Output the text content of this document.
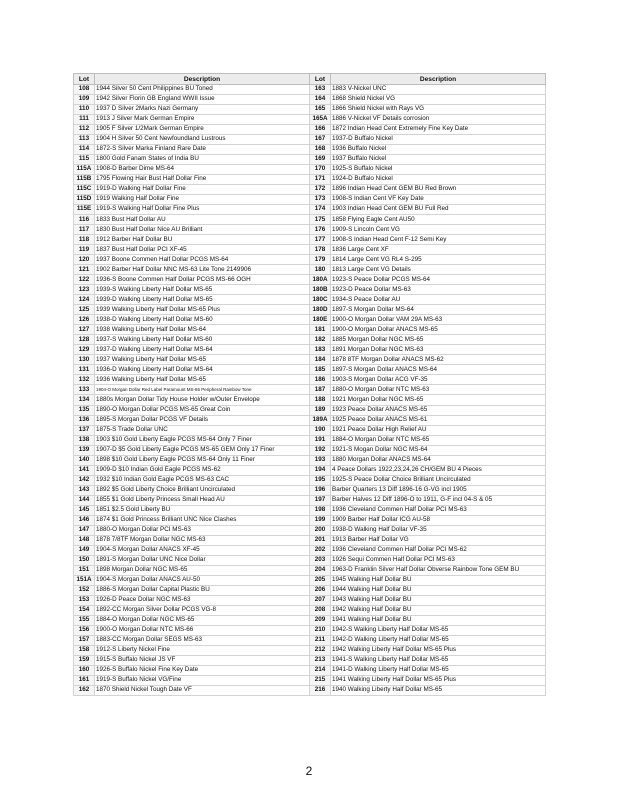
Lot	Description	Lot	Description
108	1944 Silver 50 Cent Philippines BU Toned	163	1883 V-Nickel UNC
109	1942 Silver Florin GB England WWII Issue	164	1868 Shield Nickel VG
110	1937 D Silver 2Marks Nazi Germany	165	1866 Shield Nickel with Rays VG
111	1913 J Silver Mark German Empire	165A	1886 V-Nickel VF Details corrosion
112	1905 F Silver 1/2Mark German Empire	166	1872 Indian Head Cent Extremely Fine Key Date
113	1904 H Silver 50 Cent Newfoundland Lustrous	167	1937-D Buffalo Nickel
114	1872-S Silver Marka Finland Rare Date	168	1936 Buffalo Nickel
115	1800 Gold Fanam States of India BU	169	1937 Buffalo Nickel
115A	1908-D Barber Dime MS-64	170	1925-S Buffalo Nickel
115B	1795 Flowing Hair Bust Half Dollar Fine	171	1924-D Buffalo Nickel
115C	1919-D Walking Half Dollar Fine	172	1896 Indian Head Cent GEM BU Red Brown
115D	1919 Walking Half Dollar Fine	173	1908-S Indian Cent VF Key Date
115E	1919-S Walking Half Dollar Fine Plus	174	1903 Indian Head Cent GEM BU Full Red
116	1833 Bust Half Dollar AU	175	1858 Flying Eagle Cent AU50
117	1830 Bust Half Dollar Nice AU Brilliant	176	1909-S Lincoln Cent VG
118	1912 Barber Half Dollar BU	177	1908-S Indian Head Cent F-12 Semi Key
119	1837 Bust Half Dollar PCI XF-45	178	1836 Large Cent XF
120	1937 Boone Commen Half Dollar PCGS MS-64	179	1814 Large Cent VG RL4 S-295
121	1902 Barber Half Dollar NNC MS-63 Lite Tone 2149906	180	1813 Large Cent VG Details
122	1936-S Boone Commen Half Dollar PCGS MS-66 OGH	180A	1923-S Peace Dollar PCGS MS-64
123	1939-S Walking Liberty Half Dollar MS-65	180B	1923-D Peace Dollar MS-63
124	1939-D Walking Liberty Half Dollar MS-65	180C	1934-S Peace Dollar AU
125	1939 Walking Liberty Half Dollar MS-65 Plus	180D	1897-S Morgan Dollar MS-64
126	1938-D Walking Liberty Half Dollar MS-60	180E	1900-O Morgan Dollar VAM 29A MS-63
127	1938 Walking Liberty Half Dollar MS-64	181	1900-O Morgan Dollar ANACS MS-65
128	1937-S Walking Liberty Half Dollar MS-60	182	1885 Morgan Dollar NGC MS-65
129	1937-D Walking Liberty Half Dollar MS-64	183	1891 Morgan Dollar NGC MS-63
130	1937 Walking Liberty Half Dollar MS-65	184	1878 8TF Morgan Dollar ANACS MS-62
131	1936-D Walking Liberty Half Dollar MS-64	185	1897-S Morgan Dollar ANACS MS-64
132	1936 Walking Liberty Half Dollar MS-65	186	1903-S Morgan Dollar ACG VF-35
133	1904-O Morgan Dollar Red Label Paramount MS-65 Peripheral Rainbow Tone	187	1880-O Morgan Dollar NTC MS-63
134	1880s Morgan Dollar Tidy House Holder w/Outer Envelope	188	1921 Morgan Dollar NGC MS-65
135	1890-O Morgan Dollar PCGS MS-65 Great Coin	189	1923 Peace Dollar ANACS MS-65
136	1895-S Morgan Dollar PCGS VF Details	189A	1925 Peace Dollar ANACS MS-61
137	1875-S Trade Dollar UNC	190	1921 Peace Dollar High Relief AU
138	1903 $10 Gold Liberty Eagle PCGS MS-64 Only 7 Finer	191	1884-O Morgan Dollar NTC MS-65
139	1907-D $5 Gold Liberty Eagle PCGS MS-65 GEM Only 17 Finer	192	1921-S Mogan Dollar NGC MS-64
140	1898 $10 Gold Liberty Eagle PCGS MS-64 Only 11 Finer	193	1880 Morgan Dollar ANACS MS-64
141	1909-D $10 Indian Gold Eagle PCGS MS-62	194	4 Peace Dollars 1922,23,24,26 CH/GEM BU 4 Pieces
142	1932 $10 Indian Gold Eagle PCGS MS-63 CAC	195	1925-S Peace Dollar Choice Brilliant Uncirculated
143	1892 $5 Gold Liberty Choice Brilliant Uncirculated	196	Barber Quarters 13 Diff 1896-16 G-VG incl 1905
144	1855 $1 Gold Liberty Princess Small Head AU	197	Barber Halves 12 Diff 1896-O to 1911, G-F incl 04-S & 05
145	1851 $2.5 Gold Liberty BU	198	1936 Cleveland Commen Half Dollar PCI MS-63
146	1874 $1 Gold Princess Brilliant UNC Nice Clashes	199	1909 Barber Half Dollar ICG AU-58
147	1880-O Morgan Dollar PCI MS-63	200	1938-D Walking Half Dollar VF-35
148	1878 7/8TF Morgan Dollar NGC MS-63	201	1913 Barber Half Dollar VG
149	1904-S Morgan Dollar ANACS XF-45	202	1936 Cleveland Commen Half Dollar PCI MS-62
150	1891-S Morgan Dollar UNC Nice Dollar	203	1926 Sequi Commen Half Dollar PCI MS-63
151	1898 Morgan Dollar NGC MS-65	204	1963-D Franklin Silver Half Dollar Obverse Rainbow Tone GEM BU
151A	1904-S Morgan Dollar ANACS AU-50	205	1945 Walking Half Dollar BU
152	1886-S Morgan Dollar Capital Plastic BU	206	1944 Walking Half Dollar BU
153	1926-D Peace Dollar NGC MS-63	207	1943 Walking Half Dollar BU
154	1892-CC Morgan Silver Dollar PCGS VG-8	208	1942 Walking Half Dollar BU
155	1884-O Morgan Dollar NGC MS-65	209	1941 Walking Half Dollar BU
156	1900-O Morgan Dollar NTC MS-66	210	1942-S Walking Liberty Half Dollar MS-65
157	1883-CC Morgan Dollar SEGS MS-63	211	1942-D Walking Liberty Half Dollar MS-65
158	1912-S Liberty Nickel Fine	212	1942 Walking Liberty Half Dollar MS-65 Plus
159	1915-S Buffalo Nickel JS VF	213	1941-S Walking Liberty Half Dollar MS-65
160	1926-S Buffalo Nickel Fine Key Date	214	1941-D Walking Liberty Half Dollar MS-65
161	1919-S Buffalo Nickel VG/Fine	215	1941 Walking Liberty Half Dollar MS-65 Plus
162	1870 Shield Nickel Tough Date VF	216	1940 Walking Liberty Half Dollar MS-65
2
